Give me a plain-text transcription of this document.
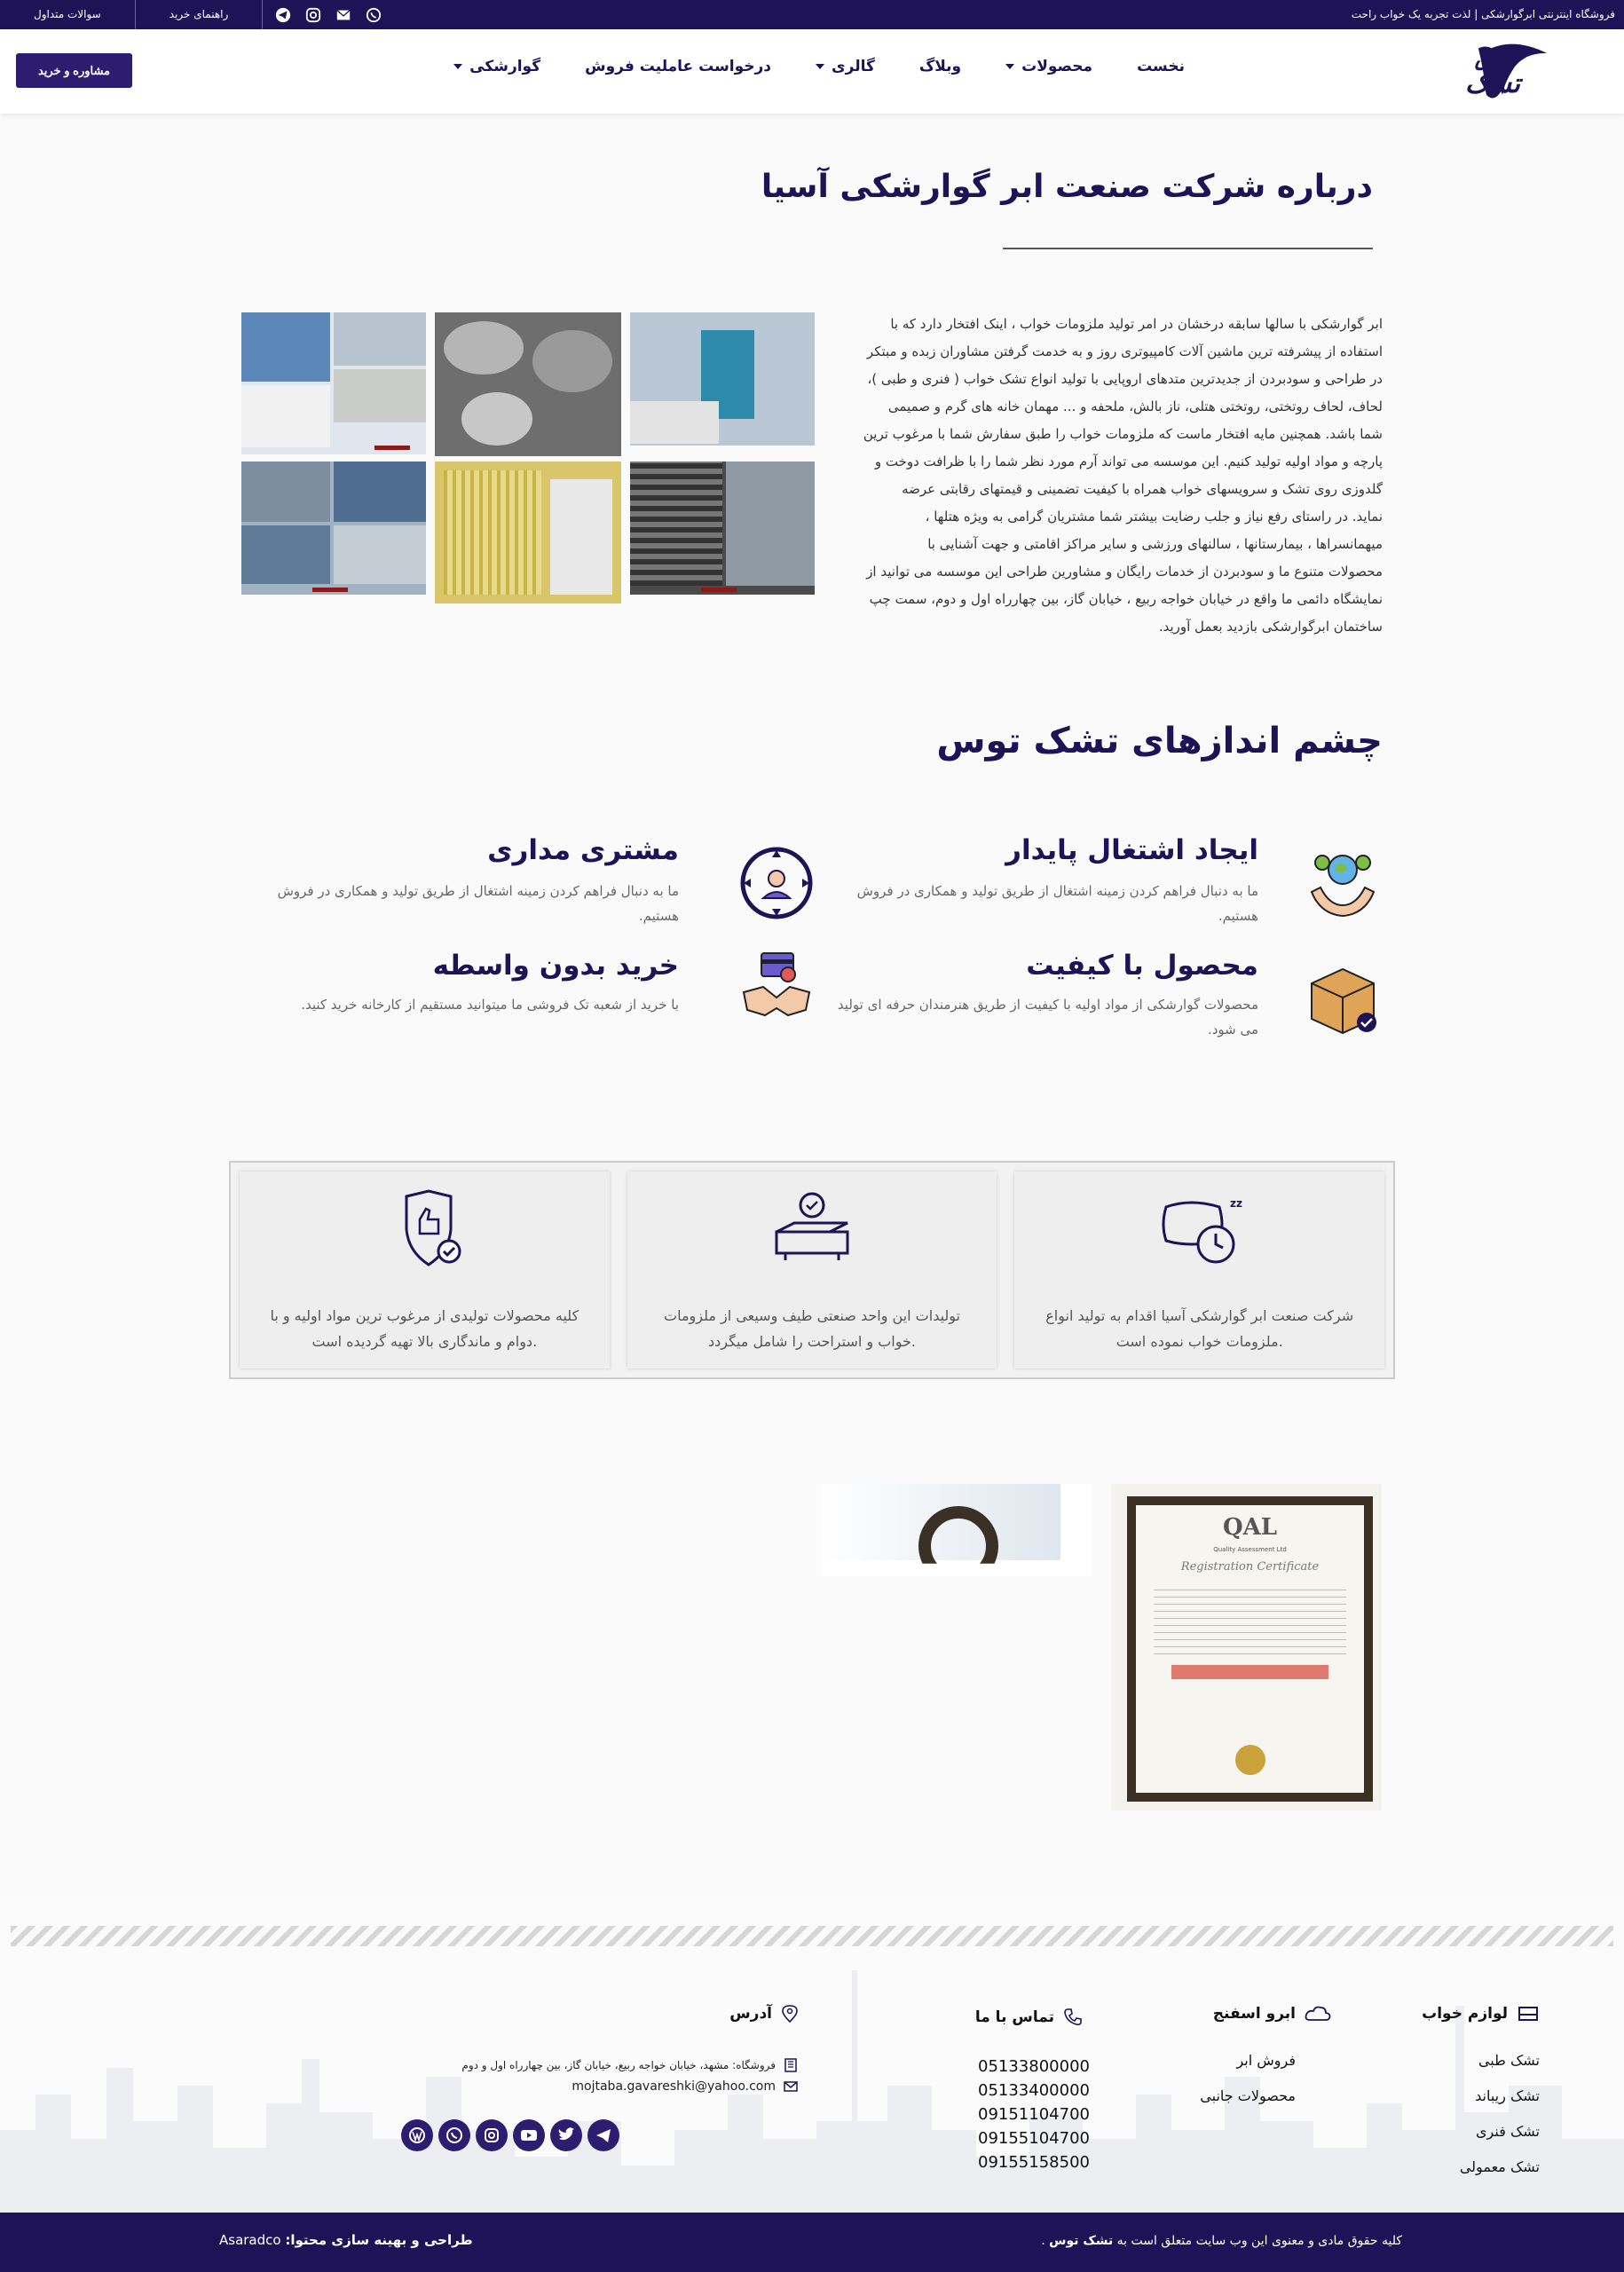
فروشگاه اینترنتی ابرگوارشکی | لذت تجربه یک خواب راحت
سوالات متداول	راهنمای خرید
توس
تشک
نخست
محصولات
وبلاگ
گالری
درخواست عاملیت فروش
گوارشکی
مشاوره و خرید
درباره شرکت صنعت ابر گوارشکی آسیا
ابر گوارشکی با سالها سابقه درخشان در امر تولید ملزومات خواب ، اینک افتخار دارد که با
استفاده از پیشرفته ترین ماشین آلات کامپیوتری روز و به خدمت گرفتن مشاوران زبده و مبتکر
در طراحی و سودبردن از جدیدترین متدهای اروپایی با تولید انواع تشک خواب ( فنری و طبی )،
لحاف، لحاف روتختی، روتختی هتلی، ناز بالش، ملحفه و ... مهمان خانه های گرم و صمیمی
شما باشد. همچنین مایه افتخار ماست که ملزومات خواب را طبق سفارش شما با مرغوب ترین
پارچه و مواد اولیه تولید کنیم. این موسسه می تواند آرم مورد نظر شما را با ظرافت دوخت و
گلدوزی روی تشک و سرویسهای خواب همراه با کیفیت تضمینی و قیمتهای رقابتی عرضه
نماید. در راستای رفع نیاز و جلب رضایت بیشتر شما مشتریان گرامی به ویژه هتلها ،
میهمانسراها ، بیمارستانها ، سالنهای ورزشی و سایر مراکز اقامتی و جهت آشنایی با
محصولات متنوع ما و سودبردن از خدمات رایگان و مشاورین طراحی این موسسه می توانید از
نمایشگاه دائمی ما واقع در خیابان خواجه ربیع ، خیابان گاز، بین چهارراه اول و دوم، سمت چپ
ساختمان ابرگوارشکی بازدید بعمل آورید.
چشم اندازهای تشک توس
ایجاد اشتغال پایدار
ما به دنبال فراهم کردن زمینه اشتغال از طریق تولید و همکاری در فروش هستیم.
مشتری مداری
ما به دنبال فراهم کردن زمینه اشتغال از طریق تولید و همکاری در فروش هستیم.
محصول با کیفیت
محصولات گوارشکی از مواد اولیه با کیفیت از طریق هنرمندان حرفه ای تولید می شود.
خرید بدون واسطه
با خرید از شعبه تک فروشی ما میتوانید مستقیم از کارخانه خرید کنید.
کلیه محصولات تولیدی از مرغوب ترین مواد اولیه و با دوام و ماندگاری بالا تهیه گردیده است.
تولیدات این واحد صنعتی طیف وسیعی از ملزومات خواب و استراحت را شامل میگردد.
zz
شرکت صنعت ابر گوارشکی آسیا اقدام به تولید انواع ملزومات خواب نموده است.
QAL
Quality Assessment Ltd
Registration Certificate
لوازم خواب
تشک طبی
تشک ریباند
تشک فنری
تشک معمولی
ابرو اسفنج
فروش ابر
محصولات جانبی
تماس با ما
05133800000
05133400000
09151104700
09155104700
09155158500
آدرس
فروشگاه: مشهد، خیابان خواجه ربیع، خیابان گاز، بین چهارراه اول و دوم
mojtaba.gavareshki@yahoo.com
کلیه حقوق مادی و معنوی این وب سایت متعلق است به تشک توس .
طراحی و بهینه سازی محتوا: Asaradco
